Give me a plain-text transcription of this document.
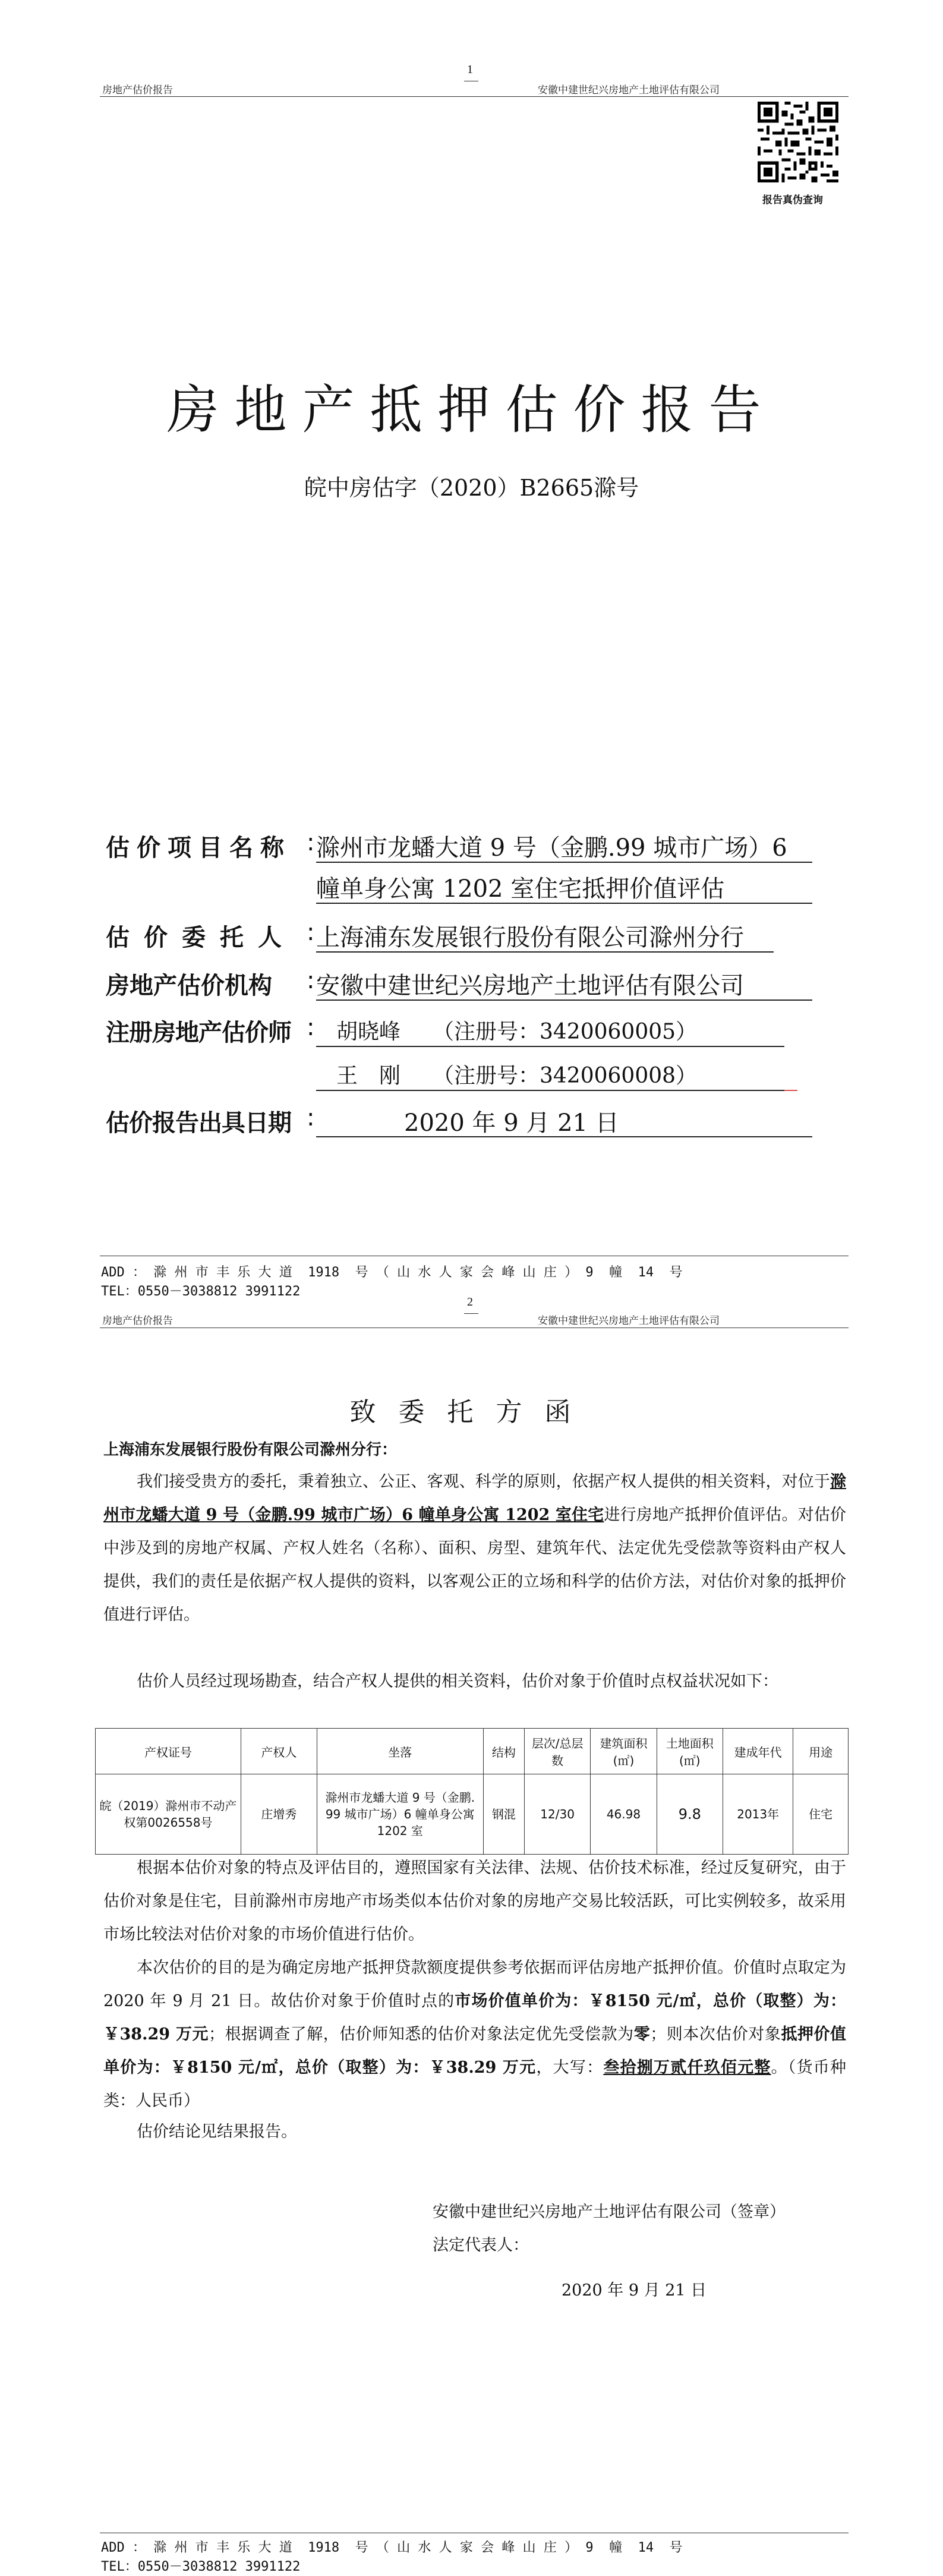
1
房地产估价报告	安徽中建世纪兴房地产土地评估有限公司
报告真伪查询
房地产抵押估价报告
皖中房估字（2020）B2665滁号
估价项目名称 : 滁州市龙蟠大道 9 号（金鹏.99 城市广场）6
幢单身公寓 1202 室住宅抵押价值评估
估价委托人 : 上海浦东发展银行股份有限公司滁州分行
房地产估价机构 : 安徽中建世纪兴房地产土地评估有限公司
注册房地产估价师 : 胡晓峰　　（注册号：3420060005）
王　刚　　（注册号：3420060008）
估价报告出具日期 :	2020 年 9 月 21 日
ADD ： 滁 州 市 丰 乐 大 道  1918  号 （ 山 水 人 家 会 峰 山 庄 ） 9  幢  14  号
TEL：0550－3038812 3991122
2
房地产估价报告	安徽中建世纪兴房地产土地评估有限公司
致委托方函
上海浦东发展银行股份有限公司滁州分行：
我们接受贵方的委托，秉着独立、公正、客观、科学的原则，依据产权人提供的相关资料，对位于滁州市龙蟠大道 9 号（金鹏.99 城市广场）6 幢单身公寓 1202 室住宅进行房地产抵押价值评估。对估价中涉及到的房地产权属、产权人姓名（名称）、面积、房型、建筑年代、法定优先受偿款等资料由产权人提供，我们的责任是依据产权人提供的资料，以客观公正的立场和科学的估价方法，对估价对象的抵押价值进行评估。
估价人员经过现场勘查，结合产权人提供的相关资料，估价对象于价值时点权益状况如下：
产权证号	产权人	坐落	结构	层次/总层数	建筑面积(㎡)	土地面积(㎡)	建成年代	用途
皖（2019）滁州市不动产权第0026558号	庄增秀	滁州市龙蟠大道 9 号（金鹏. 99 城市广场）6 幢单身公寓 1202 室	钢混	12/30	46.98	9.8	2013年	住宅
根据本估价对象的特点及评估目的，遵照国家有关法律、法规、估价技术标准，经过反复研究，由于估价对象是住宅，目前滁州市房地产市场类似本估价对象的房地产交易比较活跃，可比实例较多，故采用市场比较法对估价对象的市场价值进行估价。
本次估价的目的是为确定房地产抵押贷款额度提供参考依据而评估房地产抵押价值。价值时点取定为 2020 年 9 月 21 日。故估价对象于价值时点的市场价值单价为：￥8150 元/㎡，总价（取整）为：￥38.29 万元；根据调查了解，估价师知悉的估价对象法定优先受偿款为零；则本次估价对象抵押价值单价为：￥8150 元/㎡，总价（取整）为：￥38.29 万元，大写：叁拾捌万贰仟玖佰元整。（货币种类：人民币）
估价结论见结果报告。
安徽中建世纪兴房地产土地评估有限公司（签章）
法定代表人：
2020 年 9 月 21 日
ADD ： 滁 州 市 丰 乐 大 道  1918  号 （ 山 水 人 家 会 峰 山 庄 ） 9  幢  14  号
TEL：0550－3038812 3991122
